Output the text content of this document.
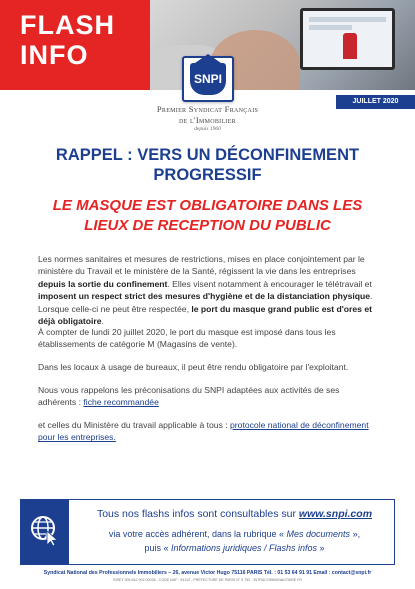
FLASH
INFO
SNPI
JUILLET 2020
Premier Syndicat Français
de l'Immobilier
depuis 1960
RAPPEL : VERS UN DÉCONFINEMENT PROGRESSIF
LE MASQUE EST OBLIGATOIRE DANS LES LIEUX DE RECEPTION DU PUBLIC
Les normes sanitaires et mesures de restrictions, mises en place conjointement par le ministère du Travail et le ministère de la Santé, régissent la vie dans les entreprises depuis la sortie du confinement. Elles visent notamment à encourager le télétravail et imposent un respect strict des mesures d'hygiène et de la distanciation physique. Lorsque celle-ci ne peut être respectée, le port du masque grand public est d'ores et déjà obligatoire.
À compter de lundi 20 juillet 2020, le port du masque est imposé dans tous les établissements de catégorie M (Magasins de vente).
Dans les locaux à usage de bureaux, il peut être rendu obligatoire par l'exploitant.
Nous vous rappelons les préconisations du SNPI adaptées aux activités de ses adhérents : fiche recommandée
et celles du Ministère du travail applicable à tous : protocole national de déconfinement pour les entreprises.
Tous nos flashs infos sont consultables sur www.snpi.com
via votre accès adhérent, dans la rubrique « Mes documents »,
puis « Informations juridiques / Flashs infos »
Syndicat National des Professionnels Immobiliers – 26, avenue Victor Hugo 75116 PARIS Tél. : 01 53 64 91 91 Email : contact@snpi.fr
SIRET 305 642 902 00038 - CODE NAF : 9411Z - PRÉFECTURE DE PARIS N° 9 752 - INTRACOMMUNAUTAIRE FR
